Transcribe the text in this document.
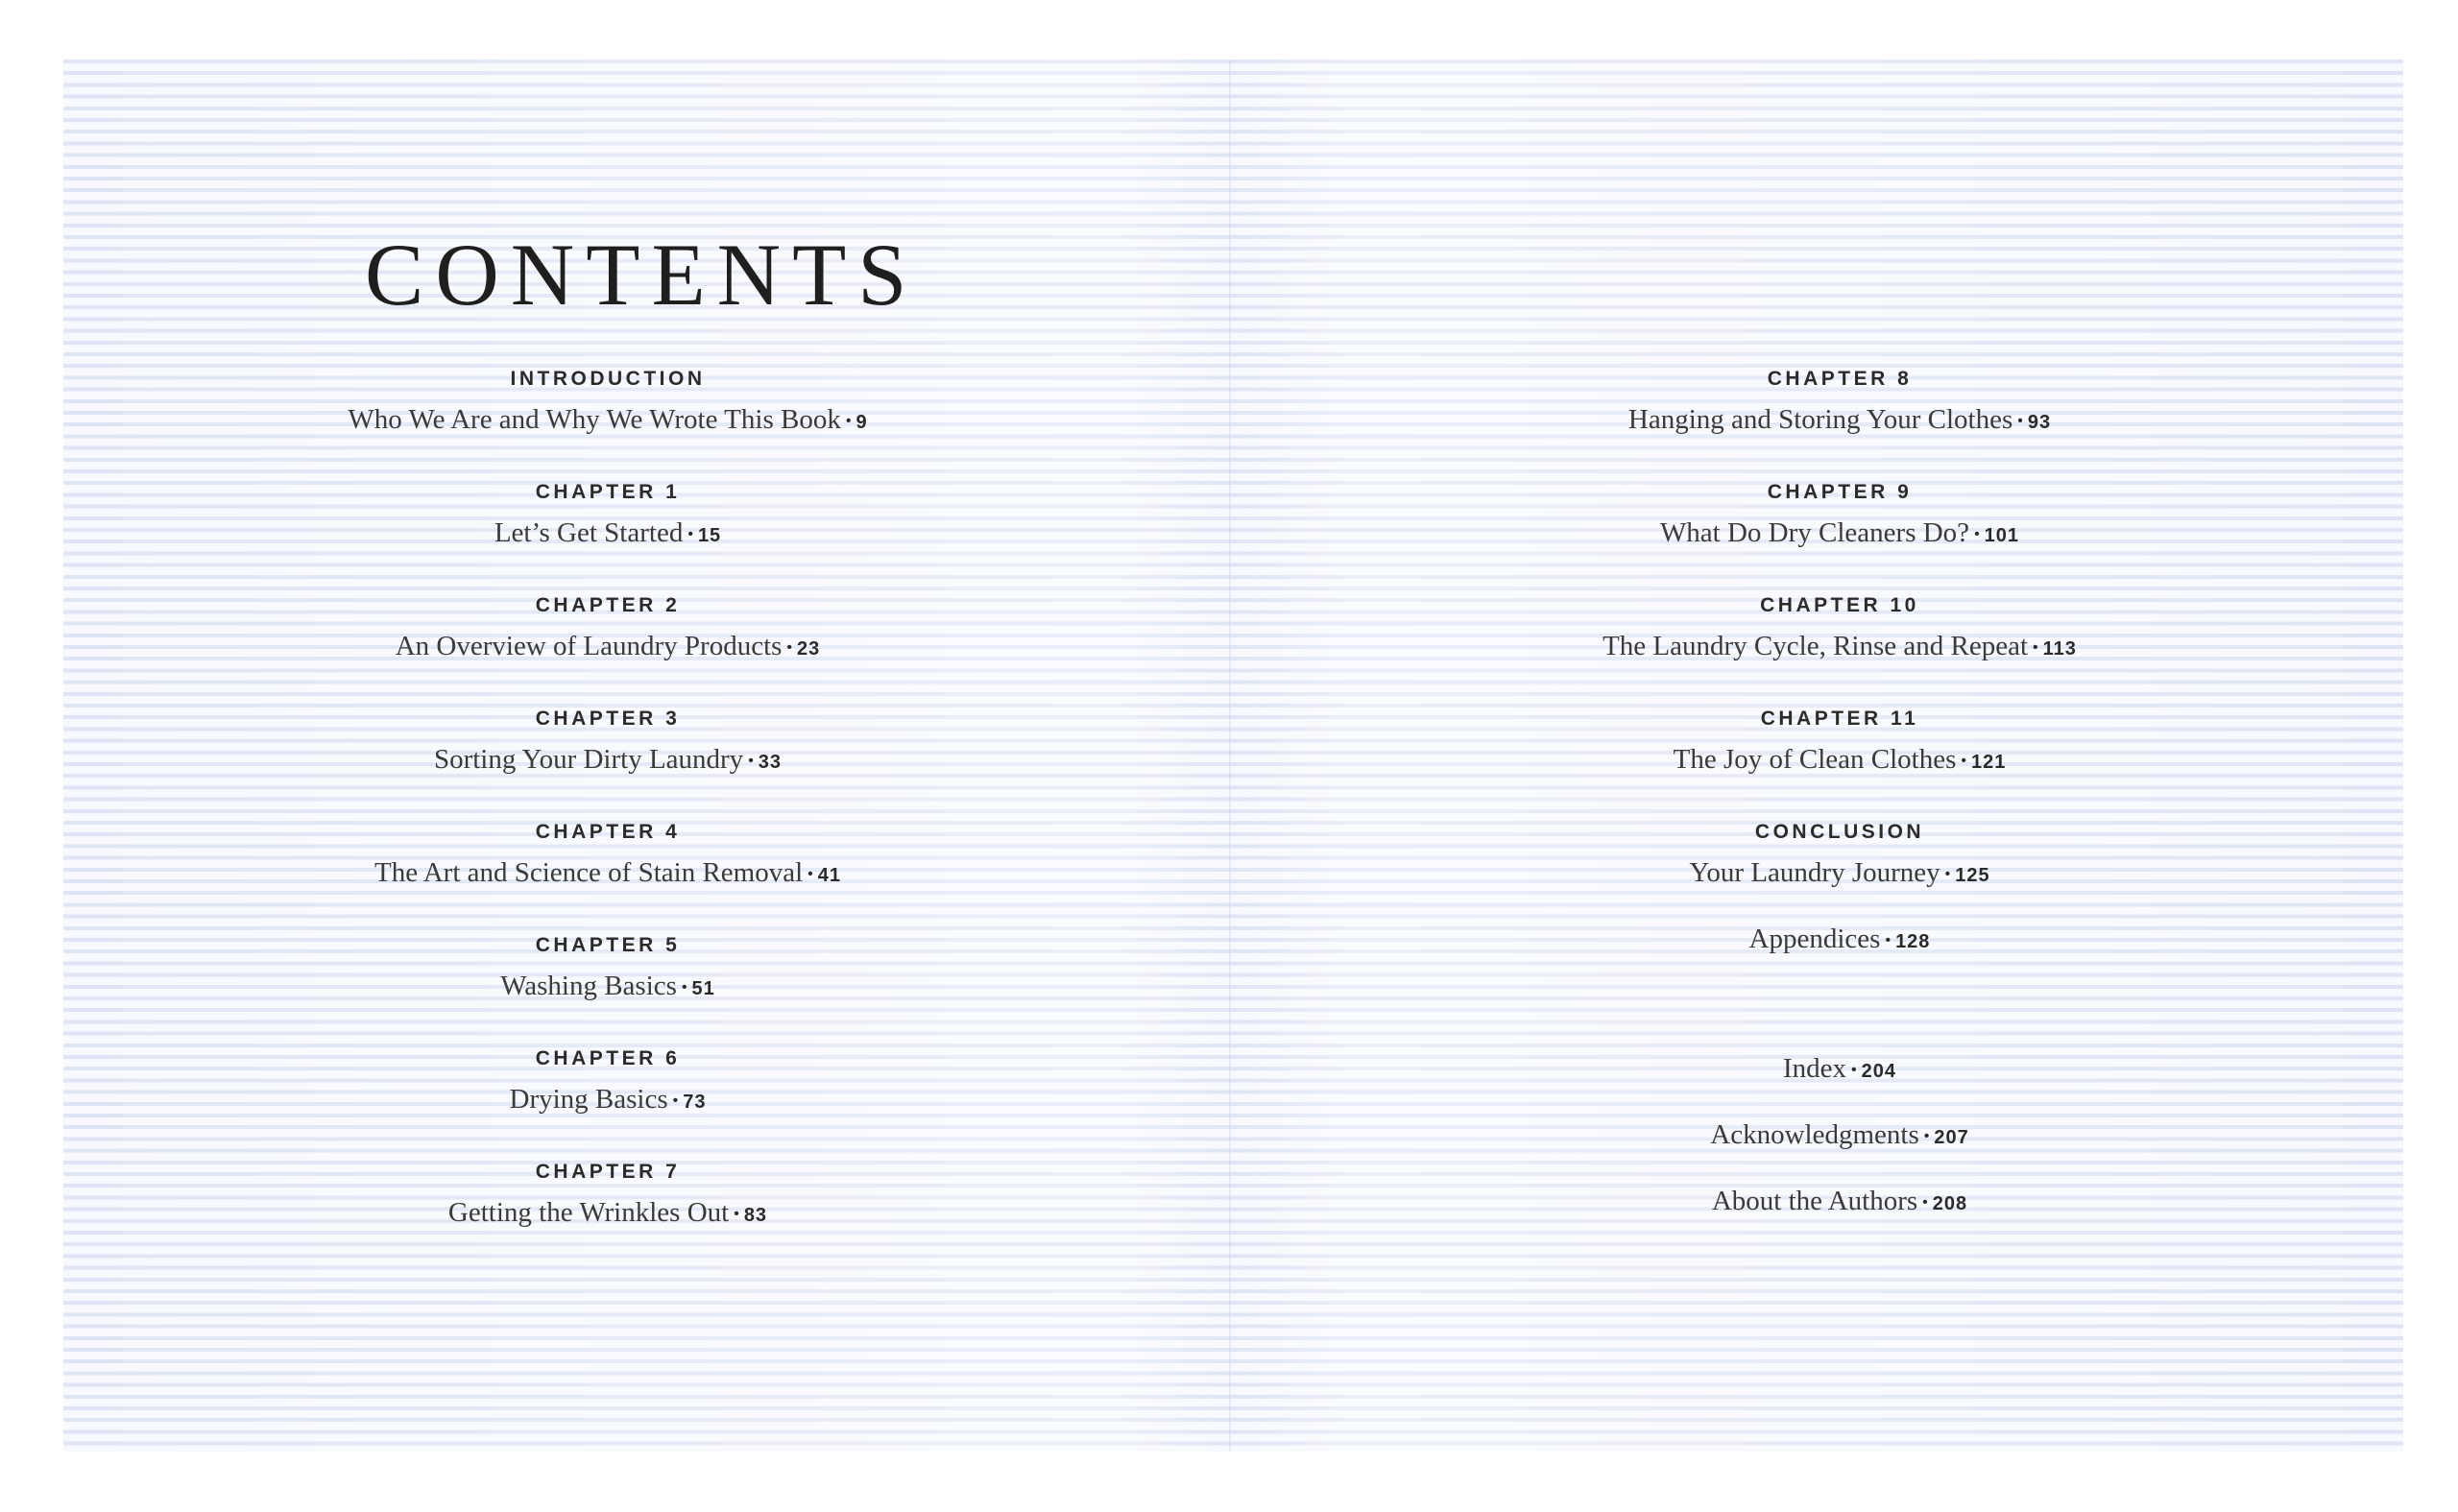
CONTENTS
INTRODUCTION
Who We Are and Why We Wrote This Book • 9
CHAPTER 1
Let’s Get Started • 15
CHAPTER 2
An Overview of Laundry Products • 23
CHAPTER 3
Sorting Your Dirty Laundry • 33
CHAPTER 4
The Art and Science of Stain Removal • 41
CHAPTER 5
Washing Basics • 51
CHAPTER 6
Drying Basics • 73
CHAPTER 7
Getting the Wrinkles Out • 83
CHAPTER 8
Hanging and Storing Your Clothes • 93
CHAPTER 9
What Do Dry Cleaners Do? • 101
CHAPTER 10
The Laundry Cycle, Rinse and Repeat • 113
CHAPTER 11
The Joy of Clean Clothes • 121
CONCLUSION
Your Laundry Journey • 125
Appendices • 128
Index • 204
Acknowledgments • 207
About the Authors • 208
